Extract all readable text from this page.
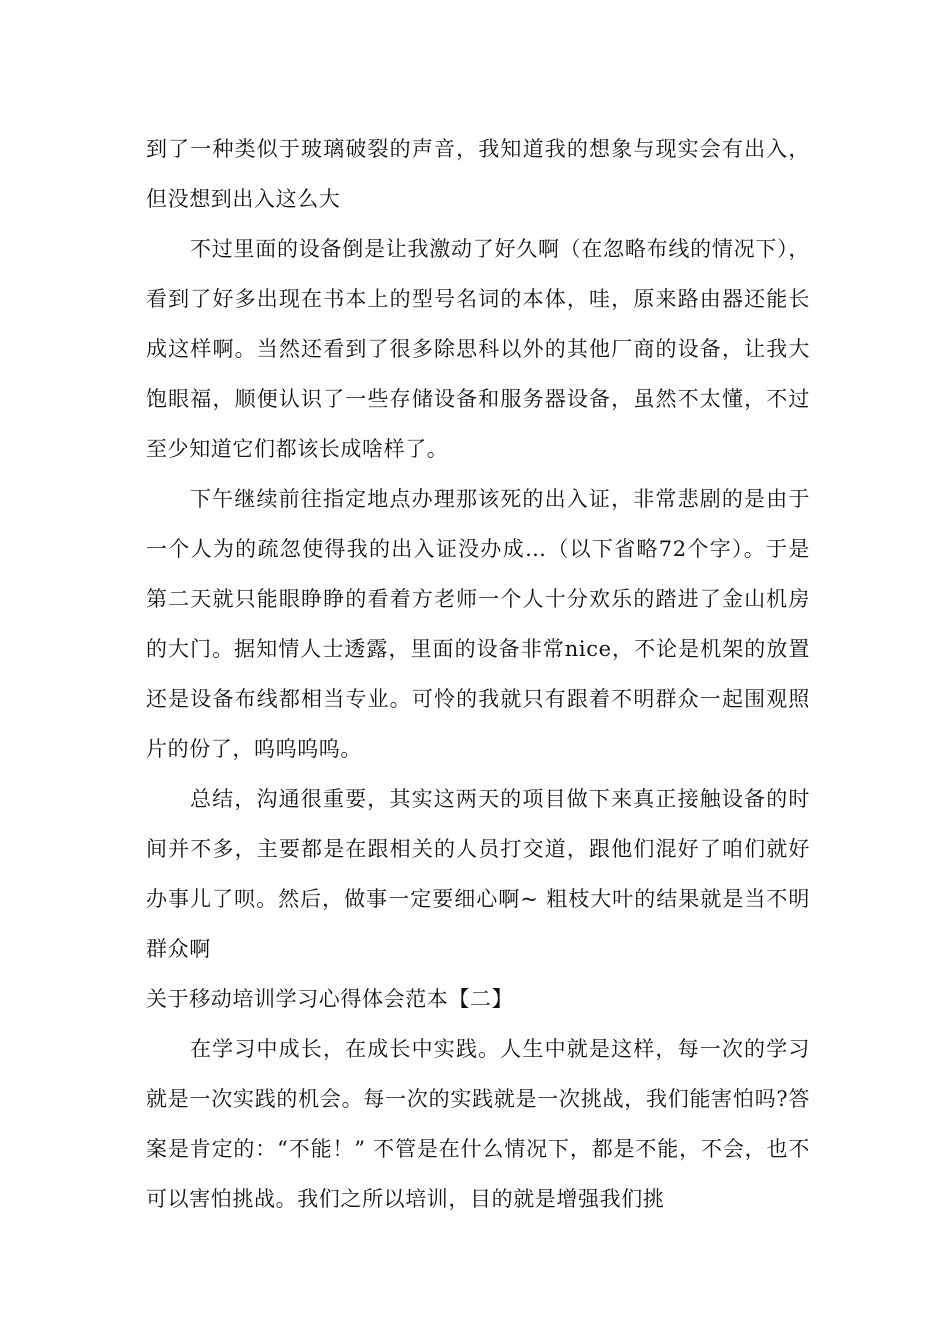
到了一种类似于玻璃破裂的声音，我知道我的想象与现实会有出入，但没想到出入这么大

不过里面的设备倒是让我激动了好久啊（在忽略布线的情况下），看到了好多出现在书本上的型号名词的本体，哇，原来路由器还能长成这样啊。当然还看到了很多除思科以外的其他厂商的设备，让我大饱眼福，顺便认识了一些存储设备和服务器设备，虽然不太懂，不过至少知道它们都该长成啥样了。

下午继续前往指定地点办理那该死的出入证，非常悲剧的是由于一个人为的疏忽使得我的出入证没办成…（以下省略72个字）。于是第二天就只能眼睁睁的看着方老师一个人十分欢乐的踏进了金山机房的大门。据知情人士透露，里面的设备非常nice，不论是机架的放置还是设备布线都相当专业。可怜的我就只有跟着不明群众一起围观照片的份了，呜呜呜呜。

总结，沟通很重要，其实这两天的项目做下来真正接触设备的时间并不多，主要都是在跟相关的人员打交道，跟他们混好了咱们就好办事儿了呗。然后，做事一定要细心啊~ 粗枝大叶的结果就是当不明群众啊

关于移动培训学习心得体会范本【二】

在学习中成长，在成长中实践。人生中就是这样，每一次的学习就是一次实践的机会。每一次的实践就是一次挑战，我们能害怕吗?答案是肯定的：“不能！” 不管是在什么情况下，都是不能，不会，也不可以害怕挑战。我们之所以培训，目的就是增强我们挑
